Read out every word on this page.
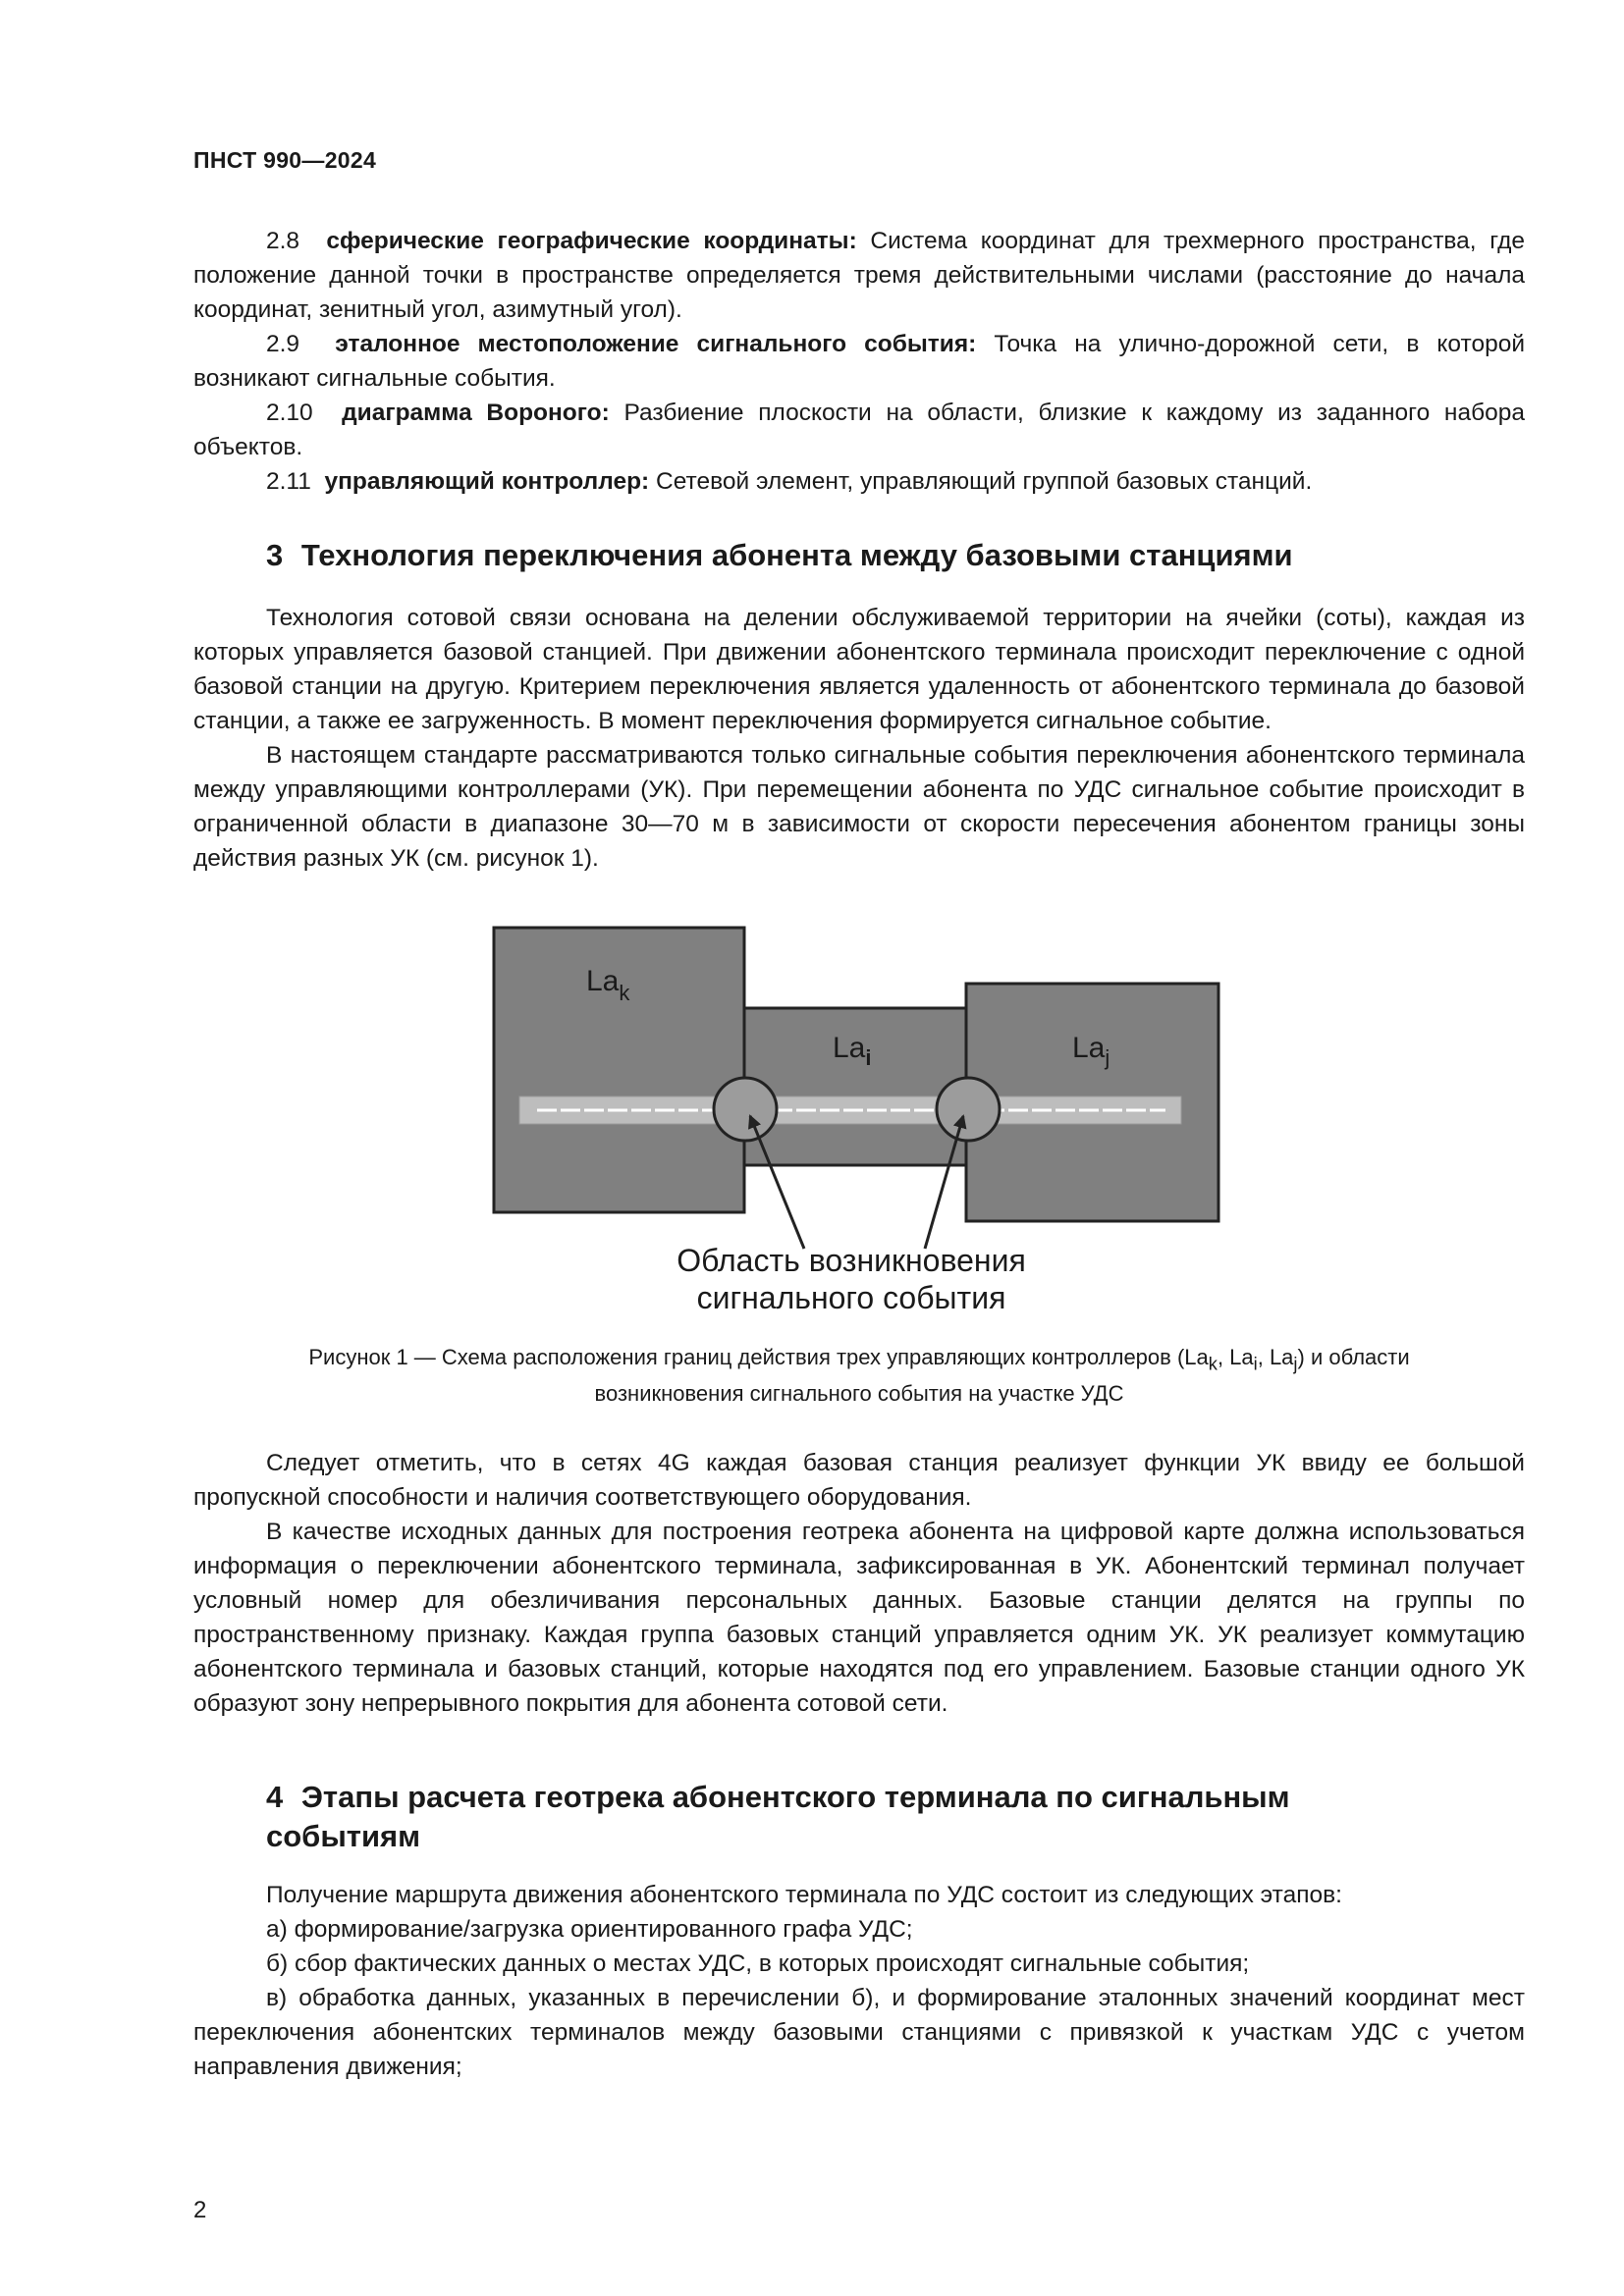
ПНСТ 990—2024

2.8 сферические географические координаты: Система координат для трехмерного пространства, где положение данной точки в пространстве определяется тремя действительными числами (расстояние до начала координат, зенитный угол, азимутный угол).

2.9 эталонное местоположение сигнального события: Точка на улично-дорожной сети, в которой возникают сигнальные события.

2.10 диаграмма Вороного: Разбиение плоскости на области, близкие к каждому из заданного набора объектов.

2.11 управляющий контроллер: Сетевой элемент, управляющий группой базовых станций.

3 Технология переключения абонента между базовыми станциями

Технология сотовой связи основана на делении обслуживаемой территории на ячейки (соты), каждая из которых управляется базовой станцией. При движении абонентского терминала происходит переключение с одной базовой станции на другую. Критерием переключения является удаленность от абонентского терминала до базовой станции, а также ее загруженность. В момент переключения формируется сигнальное событие.

В настоящем стандарте рассматриваются только сигнальные события переключения абонентского терминала между управляющими контроллерами (УК). При перемещении абонента по УДС сигнальное событие происходит в ограниченной области в диапазоне 30—70 м в зависимости от скорости пересечения абонентом границы зоны действия разных УК (см. рисунок 1).

$La_k$
$La_i$	$La_j$
Область возникновения
сигнального события
Рисунок 1 — Схема расположения границ действия трех управляющих контроллеров ($La_k$, $La_i$, $La_j$) и области
возникновения сигнального события на участке УДС

Следует отметить, что в сетях 4G каждая базовая станция реализует функции УК ввиду ее большой пропускной способности и наличия соответствующего оборудования.

В качестве исходных данных для построения геотрека абонента на цифровой карте должна использоваться информация о переключении абонентского терминала, зафиксированная в УК. Абонентский терминал получает условный номер для обезличивания персональных данных. Базовые станции делятся на группы по пространственному признаку. Каждая группа базовых станций управляется одним УК. УК реализует коммутацию абонентского терминала и базовых станций, которые находятся под его управлением. Базовые станции одного УК образуют зону непрерывного покрытия для абонента сотовой сети.

4 Этапы расчета геотрека абонентского терминала по сигнальным
событиям

Получение маршрута движения абонентского терминала по УДС состоит из следующих этапов:

а) формирование/загрузка ориентированного графа УДС;

б) сбор фактических данных о местах УДС, в которых происходят сигнальные события;

в) обработка данных, указанных в перечислении б), и формирование эталонных значений координат мест переключения абонентских терминалов между базовыми станциями с привязкой к участкам УДС с учетом направления движения;

2
